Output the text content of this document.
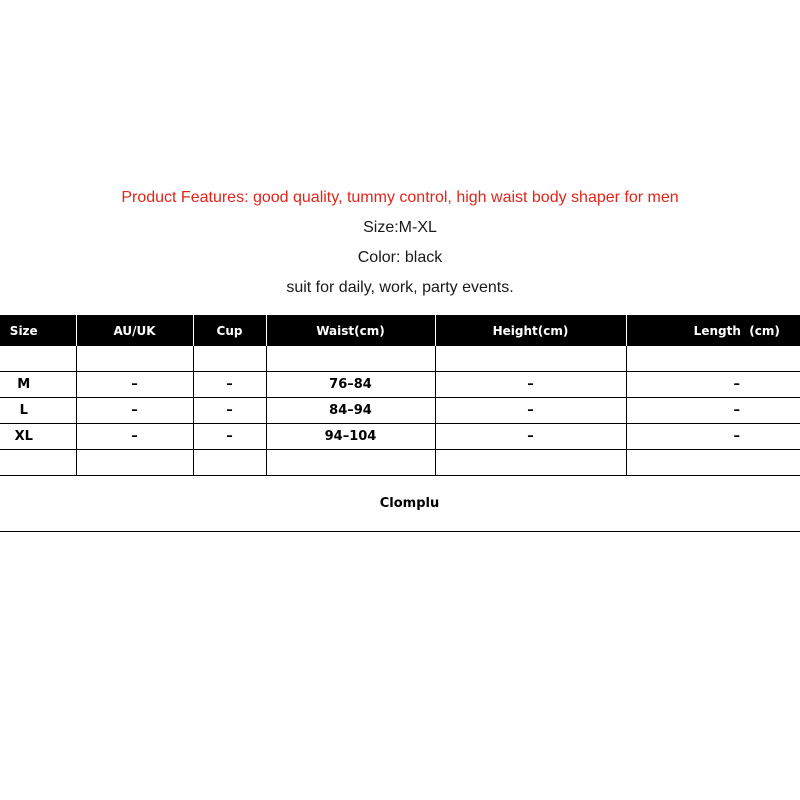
Product Features: good quality, tummy control, high waist body shaper for men

Size:M-XL

Color: black

suit for daily, work, party events.

Size	AU/UK	Cup	Waist(cm)	Height(cm)	Length  (cm)

M	–	–	76–84	–	–
L	–	–	84–94	–	–
XL	–	–	94–104	–	–

Clomplu					
